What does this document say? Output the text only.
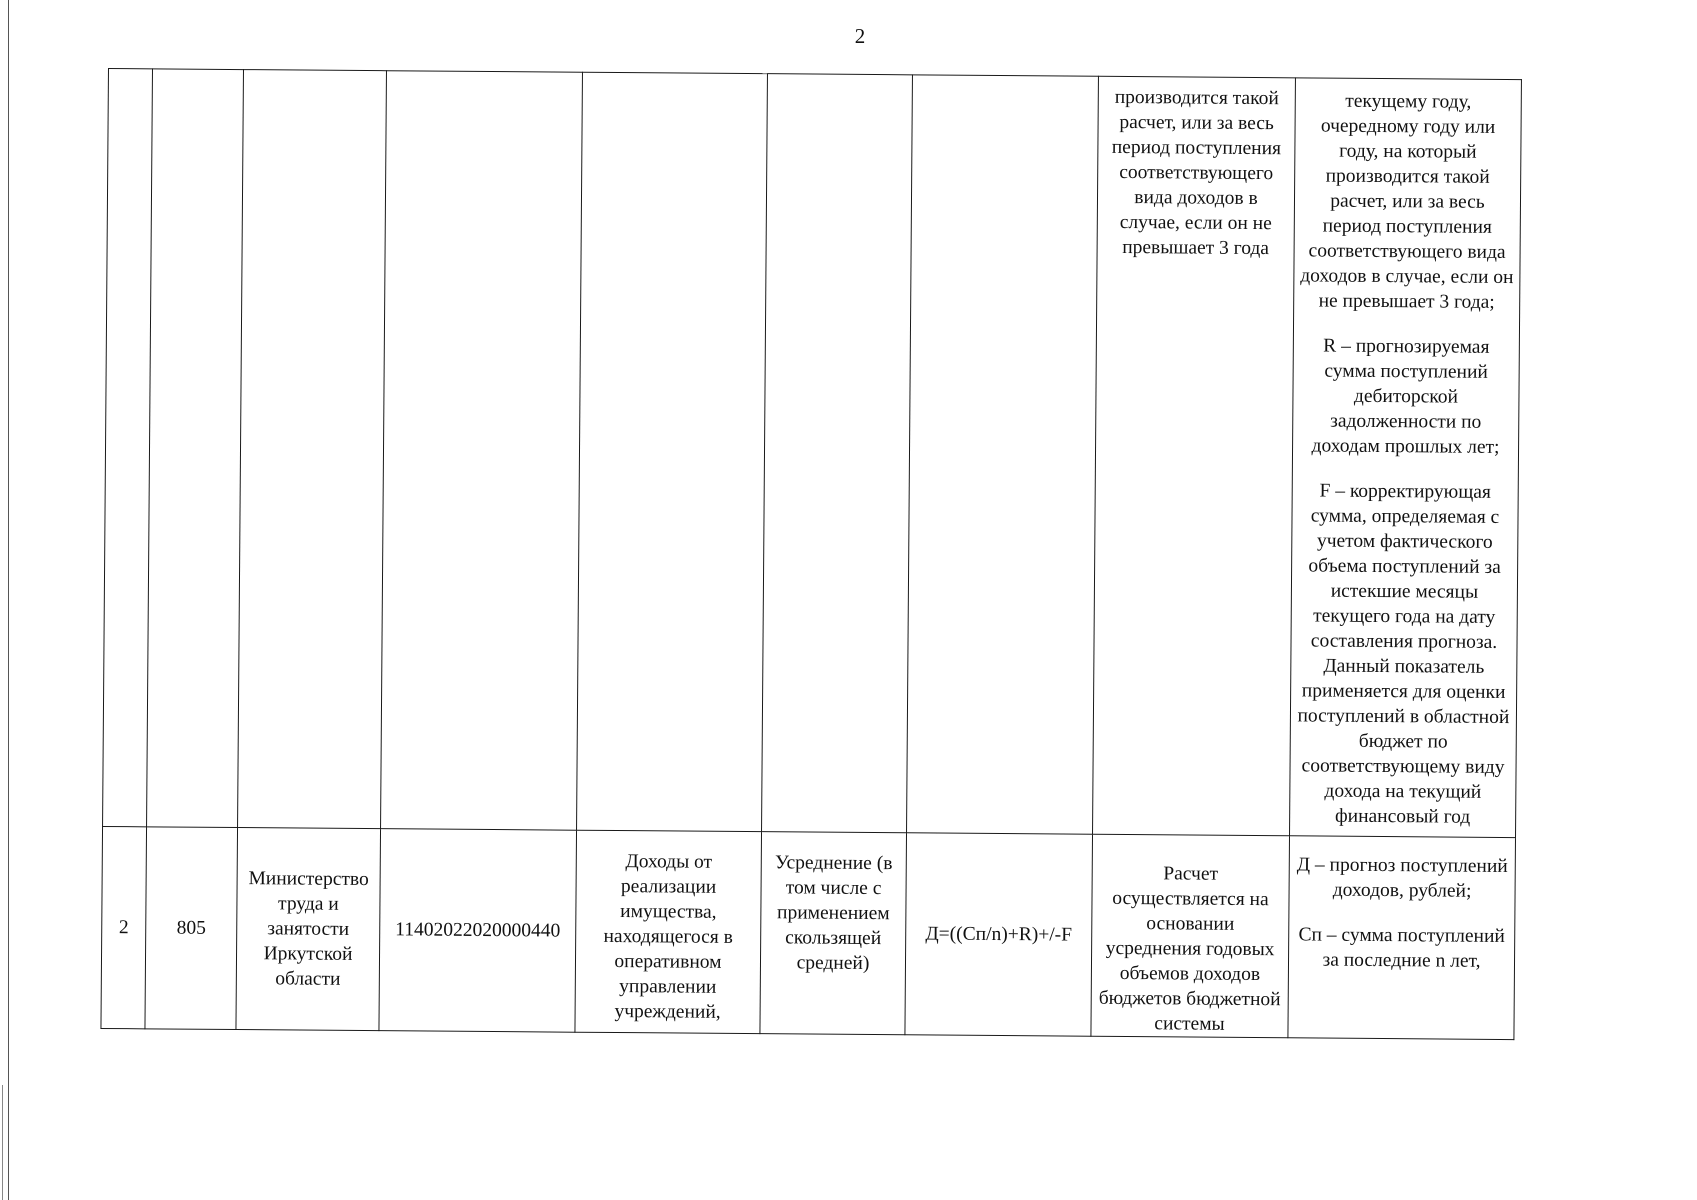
2
							производится такой расчет, или за весь период поступления соответствующего вида доходов в случае, если он не превышает 3 года	текущему году, очередному году или году, на который производится такой расчет, или за весь период поступления соответствующего вида доходов в случае, если он не превышает 3 года;

R – прогнозируемая сумма поступлений дебиторской задолженности по доходам прошлых лет;

F – корректирующая сумма, определяемая с учетом фактического объема поступлений за истекшие месяцы текущего года на дату составления прогноза. Данный показатель применяется для оценки поступлений в областной бюджет по соответствующему виду дохода на текущий финансовый год

2	805	Министерство труда и занятости Иркутской области	11402022020000440	Доходы от реализации имущества, находящегося в оперативном управлении учреждений,	Усреднение (в том числе с применением скользящей средней)	Д=((Сп/n)+R)+/-F	Расчет осуществляется на основании усреднения годовых объемов доходов бюджетов бюджетной системы	Д – прогноз поступлений доходов, рублей;

Сп – сумма поступлений за последние n лет,
